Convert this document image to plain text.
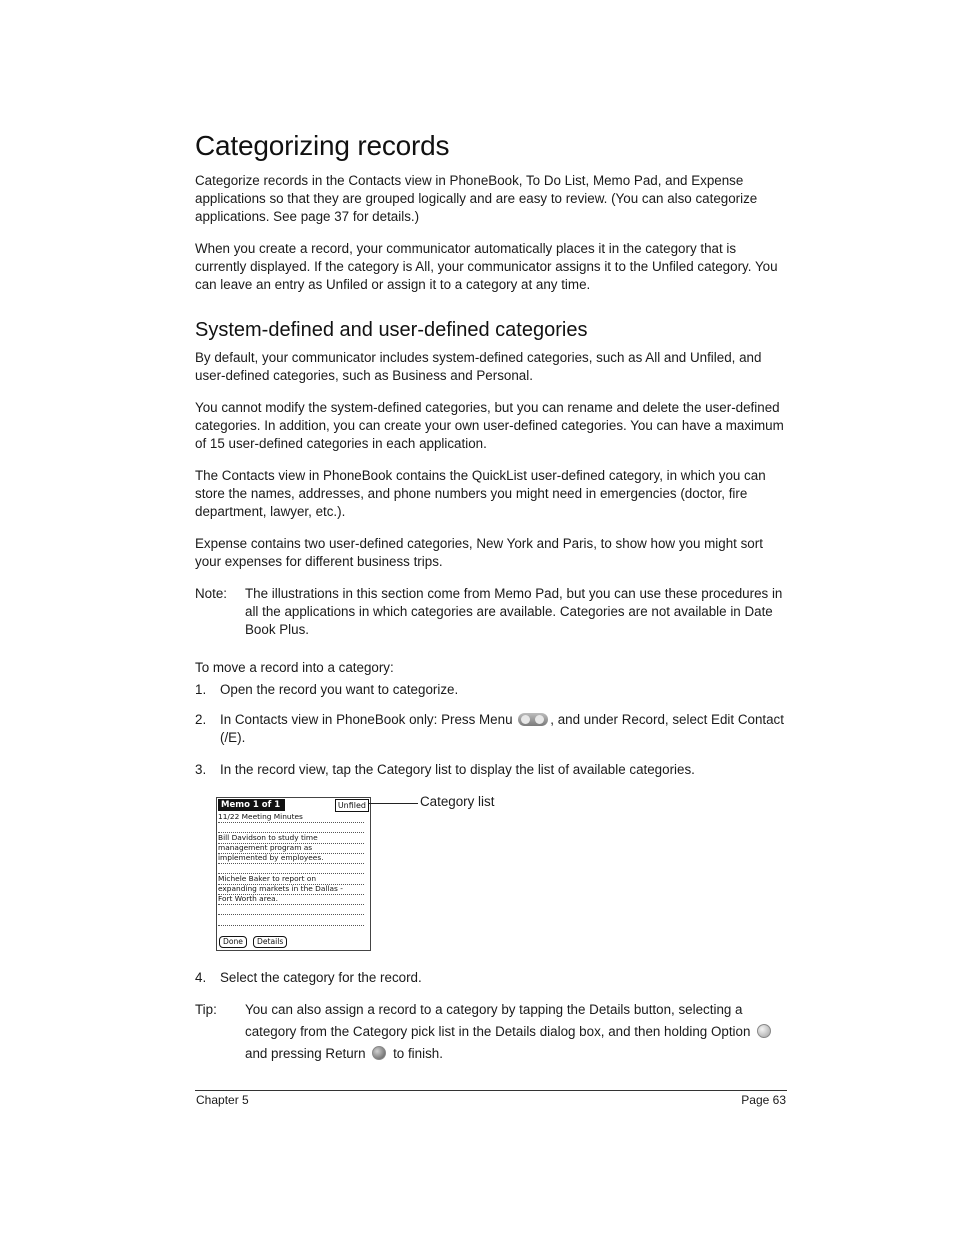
Categorizing records

Categorize records in the Contacts view in PhoneBook, To Do List, Memo Pad, and Expense applications so that they are grouped logically and are easy to review. (You can also categorize applications. See page 37 for details.)

When you create a record, your communicator automatically places it in the category that is currently displayed. If the category is All, your communicator assigns it to the Unfiled category. You can leave an entry as Unfiled or assign it to a category at any time.

System-defined and user-defined categories

By default, your communicator includes system-defined categories, such as All and Unfiled, and user-defined categories, such as Business and Personal.

You cannot modify the system-defined categories, but you can rename and delete the user-defined categories. In addition, you can create your own user-defined categories. You can have a maximum of 15 user-defined categories in each application.

The Contacts view in PhoneBook contains the QuickList user-defined category, in which you can store the names, addresses, and phone numbers you might need in emergencies (doctor, fire department, lawyer, etc.).

Expense contains two user-defined categories, New York and Paris, to show how you might sort your expenses for different business trips.

Note: The illustrations in this section come from Memo Pad, but you can use these procedures in all the applications in which categories are available. Categories are not available in Date Book Plus.
To move a record into a category:
1.	Open the record you want to categorize.
2.	In Contacts view in PhoneBook only: Press Menu	, and under Record, select Edit Contact (/E).
3.	In the record view, tap the Category list to display the list of available categories.
4.	Select the category for the record.
Tip: You can also assign a record to a category by tapping the Details button, selecting a
category from the Category pick list in the Details dialog box, and then holding Option
and pressing Return to finish.
Memo 1 of 1	Unfiled
11/22 Meeting Minutes
Bill Davidson to study time
management program as
implemented by employees.
Michele Baker to report on
expanding markets in the Dallas -
Fort Worth area.
Done	Details
Category list
Chapter 5	Page 63
